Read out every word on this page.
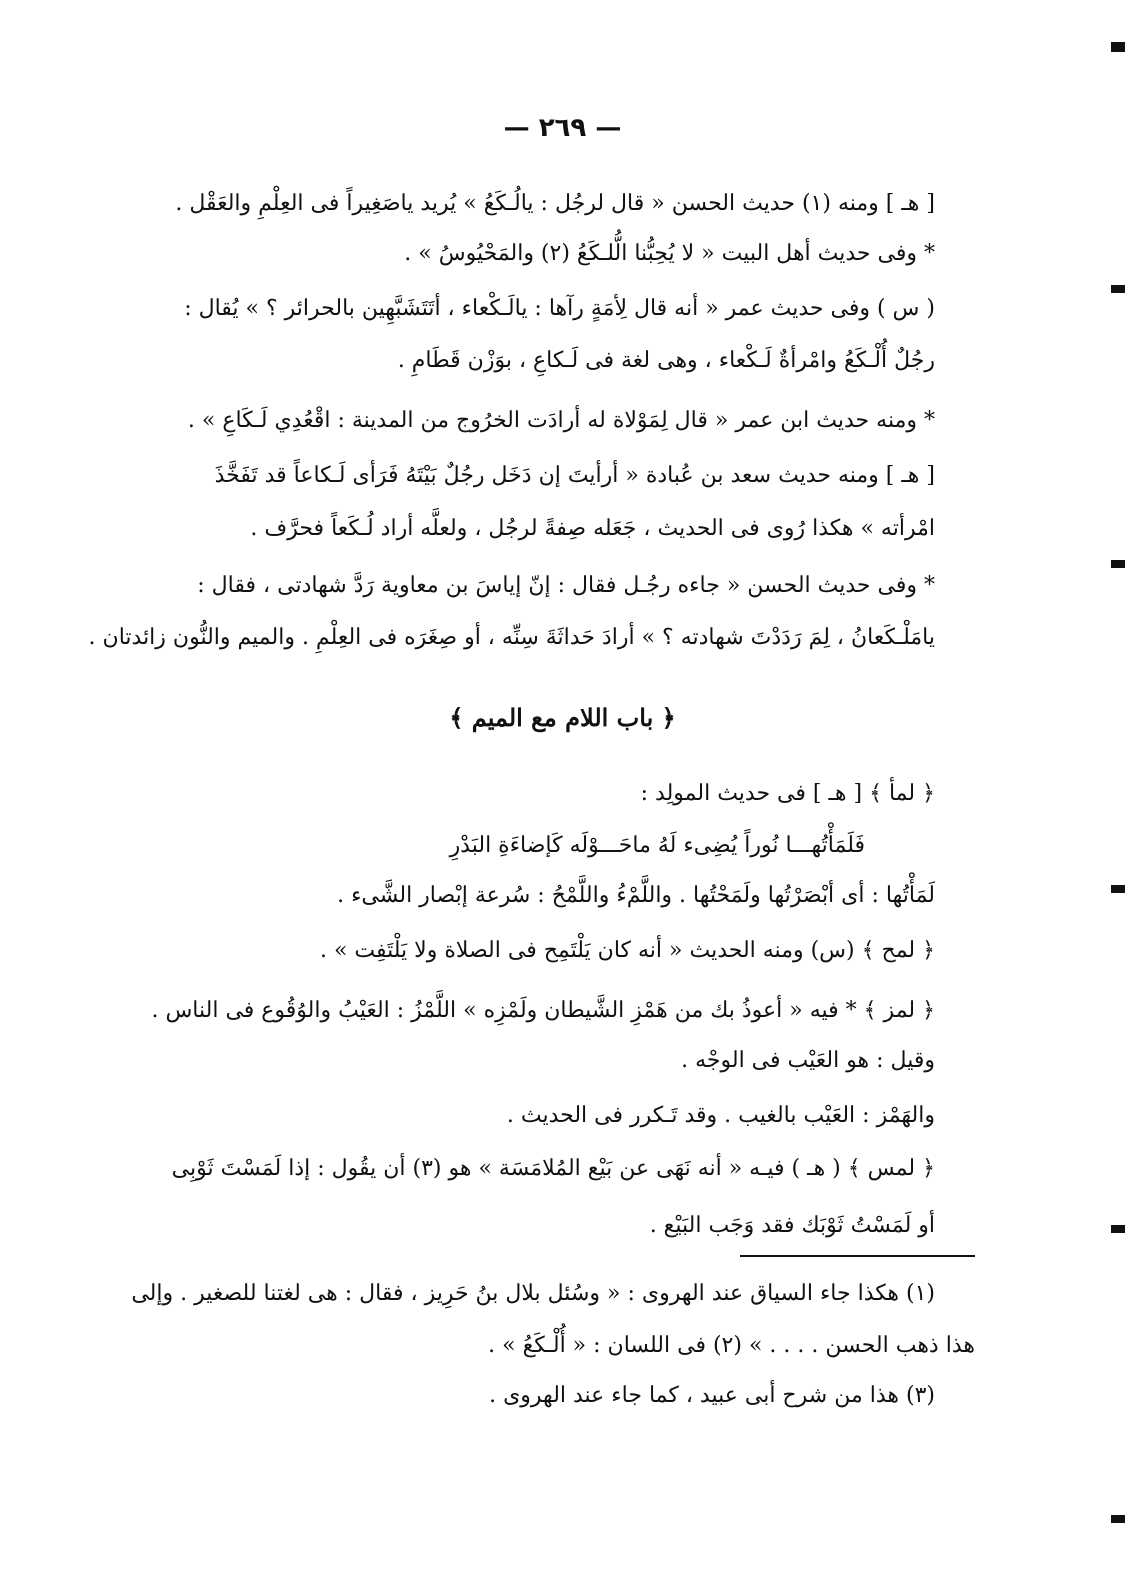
— ٢٦٩ —
[ هـ ] ومنه (١) حديث الحسن « قال لرجُل : يالُـكَعُ » يُريد ياصَغِيراً فى العِلْمِ والعَقْل .
* وفى حديث أهل البيت « لا يُحِبُّنا الُّلـكَعُ (٢) والمَحْيُوسُ » .
( س ) وفى حديث عمر « أنه قال لِأمَةٍ رآها : يالَـكْعاء ، أتَتَشَبَّهِين بالحرائر ؟ » يُقال :
رجُلٌ أُلْـكَعُ وامْرأةٌ لَـكْعاء ، وهى لغة فى لَـكاعِ ، بوَزْن قَطَامِ .
* ومنه حديث ابن عمر « قال لِمَوْلاة له أرادَت الخرُوج من المدينة : اقْعُدِي لَـكَاعِ » .
[ هـ ] ومنه حديث سعد بن عُبادة « أرأيتَ إن دَخَل رجُلٌ بَيْتَهُ فَرَأى لَـكاعاً قد تَفَخَّذَ
امْرأته » هكذا رُوى فى الحديث ، جَعَله صِفةً لرجُل ، ولعلَّه أراد لُـكَعاً فحرَّف .
* وفى حديث الحسن « جاءه رجُـل فقال : إنّ إياسَ بن معاوية رَدَّ شهادتى ، فقال :
يامَلْـكَعانُ ، لِمَ رَدَدْتَ شهادته ؟ » أرادَ حَداثَةَ سِنِّه ، أو صِغَرَه فى العِلْمِ . والميم والنُّون زائدتان .
﴿ باب اللام مع الميم ﴾
﴿ لمأ ﴾ [ هـ ] فى حديث المولِد :
فَلَمَأْتُهـــا نُوراً يُضِىء لَهُ ماحَـــوْلَه كَإضاءَةِ البَدْرِ
لَمَأْتُها : أى أبْصَرْتُها ولَمَحْتُها . واللَّمْءُ واللَّمْحُ : سُرعة إبْصار الشَّىء .
﴿ لمح ﴾ (س) ومنه الحديث « أنه كان يَلْتَمِح فى الصلاة ولا يَلْتَفِت » .
﴿ لمز ﴾ * فيه « أعوذُ بك من هَمْزِ الشَّيطان ولَمْزِه » اللَّمْزُ : العَيْبُ والوُقُوع فى الناس .
وقيل : هو العَيْب فى الوجْه .
والهَمْز : العَيْب بالغيب . وقد تَـكرر فى الحديث .
﴿ لمس ﴾ ( هـ ) فيـه « أنه نَهَى عن بَيْع المُلامَسَة » هو (٣) أن يقُول : إذا لَمَسْتَ ثَوْبِى
أو لَمَسْتُ ثَوْبَك فقد وَجَب البَيْع .
(١) هكذا جاء السياق عند الهروى : « وسُئل بلال بنُ حَرِيز ، فقال : هى لغتنا للصغير . وإلى
هذا ذهب الحسن . . . . » (٢) فى اللسان : « أُلْـكَعُ » .
(٣) هذا من شرح أبى عبيد ، كما جاء عند الهروى .
